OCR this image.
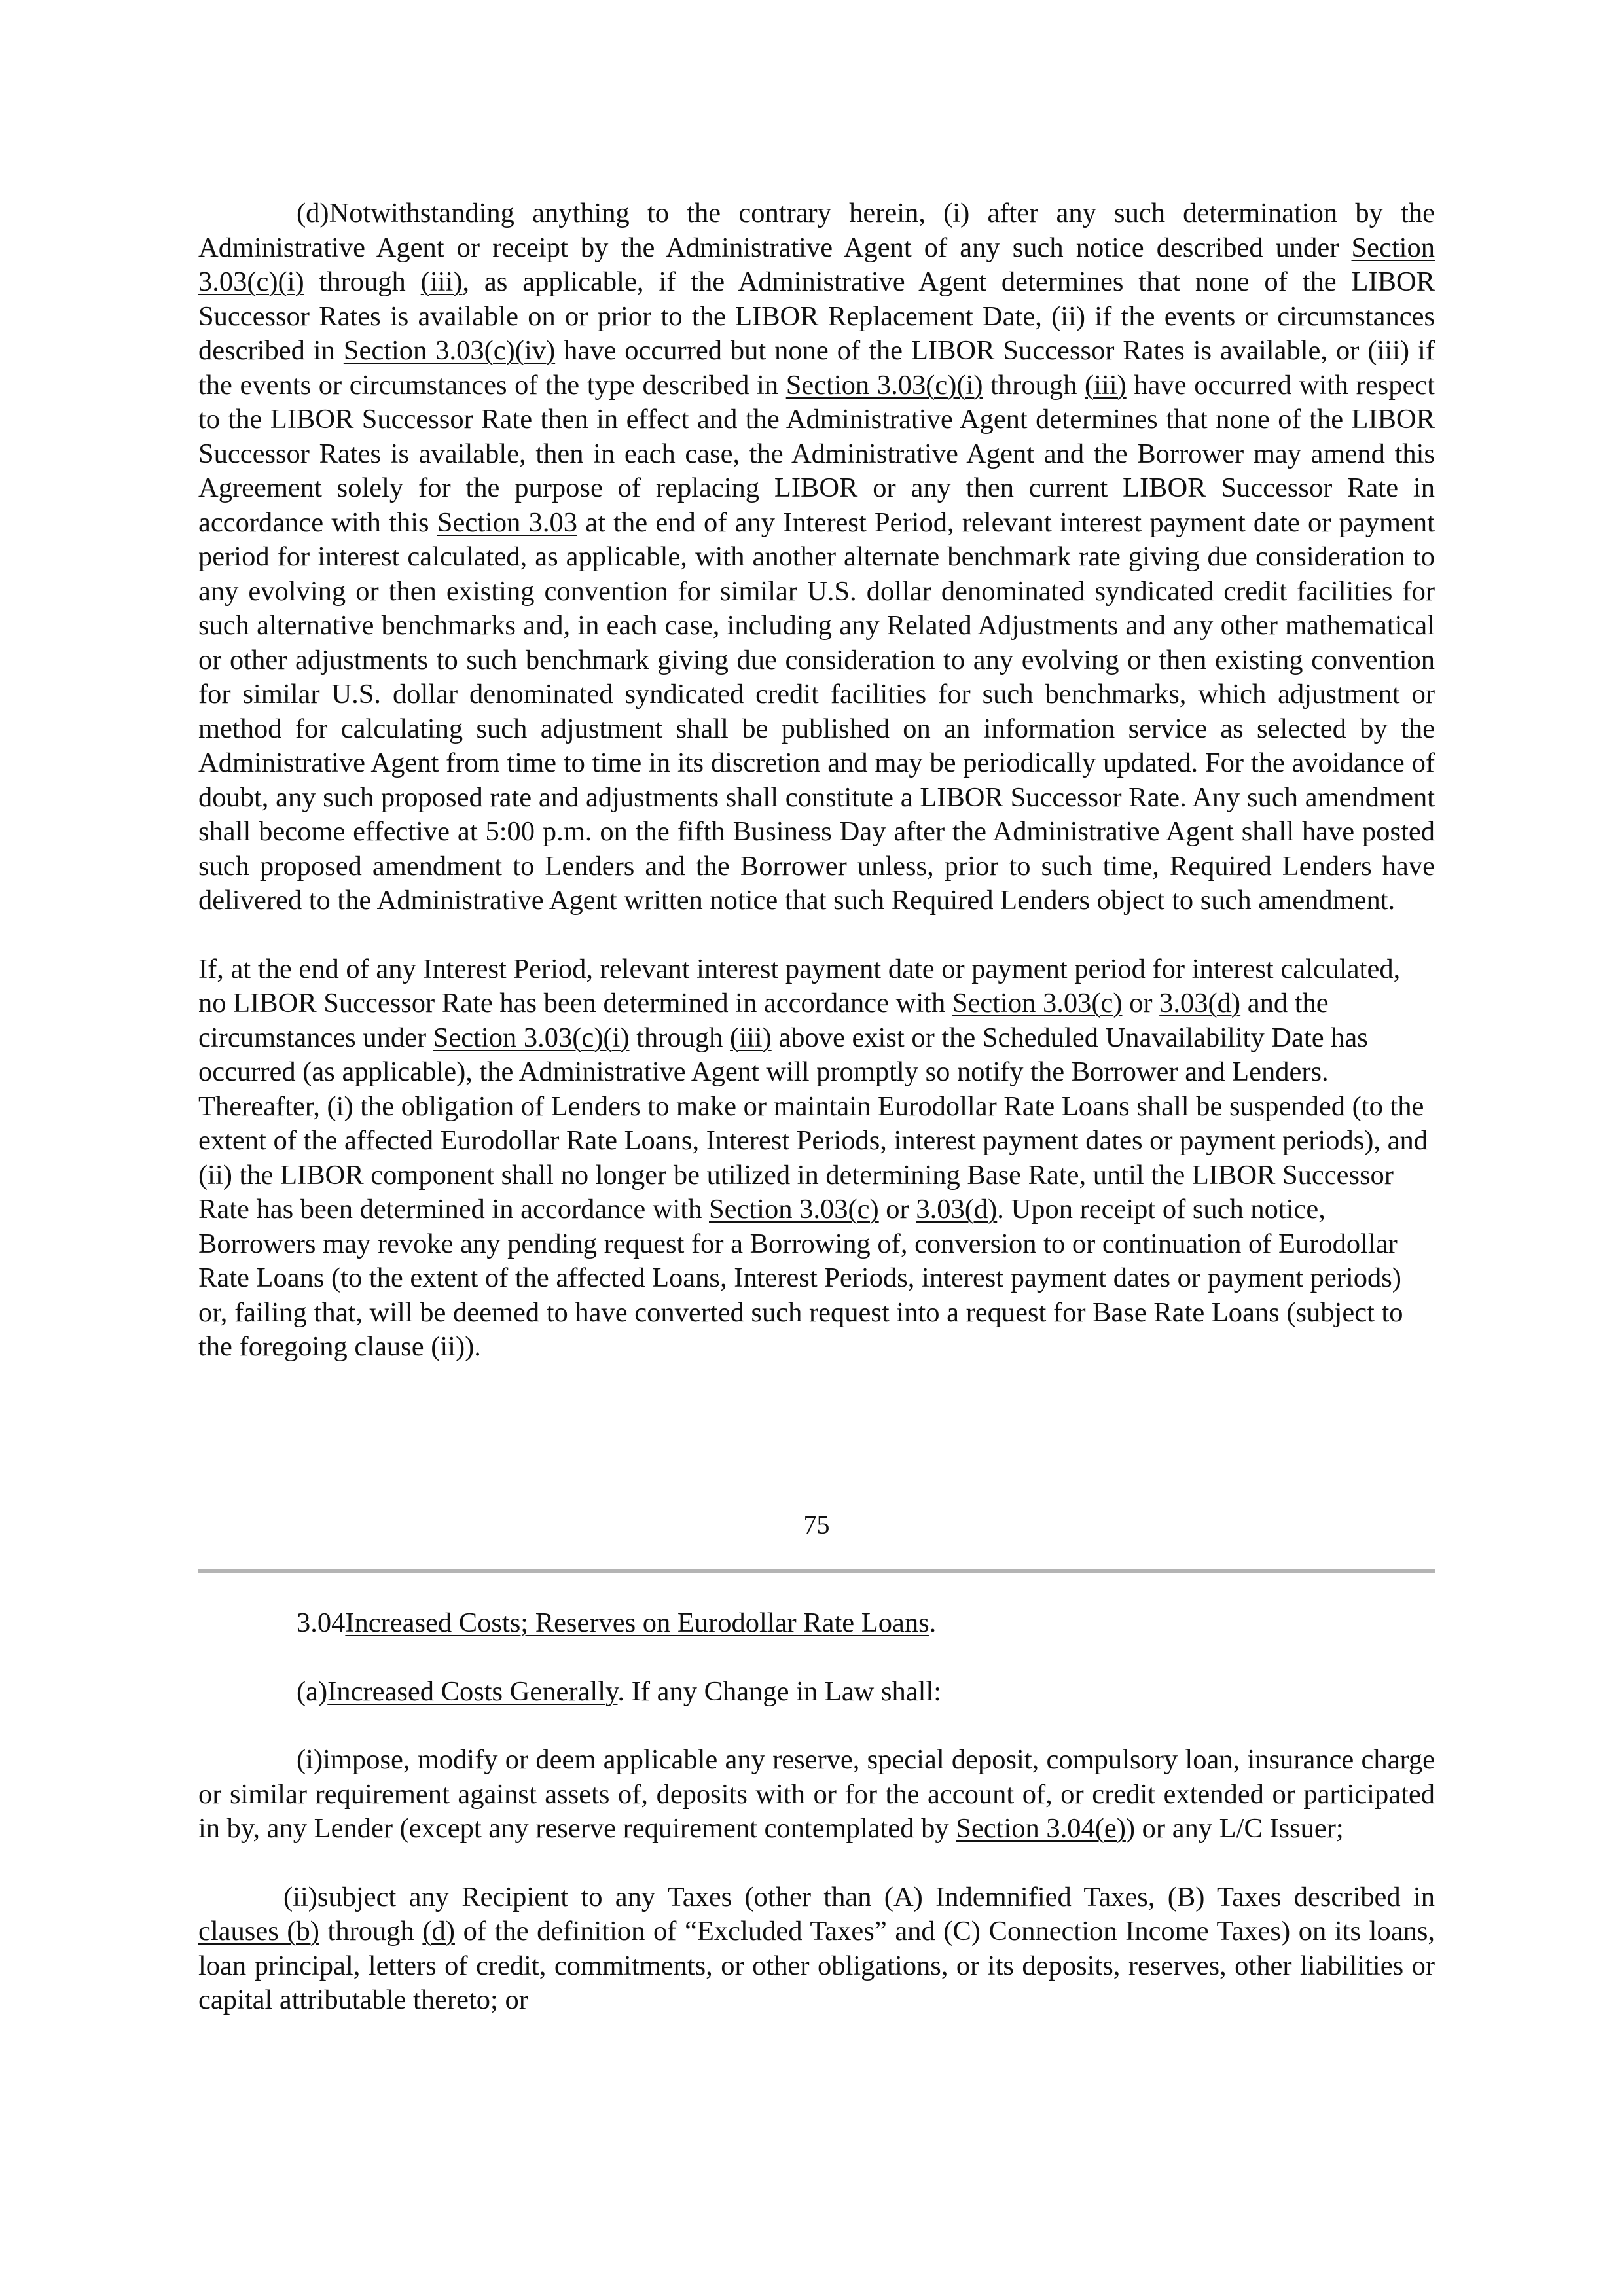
(d)Notwithstanding anything to the contrary herein, (i) after any such determination by the Administrative Agent or receipt by the Administrative Agent of any such notice described under Section 3.03(c)(i) through (iii), as applicable, if the Administrative Agent determines that none of the LIBOR Successor Rates is available on or prior to the LIBOR Replacement Date, (ii) if the events or circumstances described in Section 3.03(c)(iv) have occurred but none of the LIBOR Successor Rates is available, or (iii) if the events or circumstances of the type described in Section 3.03(c)(i) through (iii) have occurred with respect to the LIBOR Successor Rate then in effect and the Administrative Agent determines that none of the LIBOR Successor Rates is available, then in each case, the Administrative Agent and the Borrower may amend this Agreement solely for the purpose of replacing LIBOR or any then current LIBOR Successor Rate in accordance with this Section 3.03 at the end of any Interest Period, relevant interest payment date or payment period for interest calculated, as applicable, with another alternate benchmark rate giving due consideration to any evolving or then existing convention for similar U.S. dollar denominated syndicated credit facilities for such alternative benchmarks and, in each case, including any Related Adjustments and any other mathematical or other adjustments to such benchmark giving due consideration to any evolving or then existing convention for similar U.S. dollar denominated syndicated credit facilities for such benchmarks, which adjustment or method for calculating such adjustment shall be published on an information service as selected by the Administrative Agent from time to time in its discretion and may be periodically updated. For the avoidance of doubt, any such proposed rate and adjustments shall constitute a LIBOR Successor Rate. Any such amendment shall become effective at 5:00 p.m. on the fifth Business Day after the Administrative Agent shall have posted such proposed amendment to Lenders and the Borrower unless, prior to such time, Required Lenders have delivered to the Administrative Agent written notice that such Required Lenders object to such amendment.

If, at the end of any Interest Period, relevant interest payment date or payment period for interest calculated, no LIBOR Successor Rate has been determined in accordance with Section 3.03(c) or 3.03(d) and the circumstances under Section 3.03(c)(i) through (iii) above exist or the Scheduled Unavailability Date has occurred (as applicable), the Administrative Agent will promptly so notify the Borrower and Lenders. Thereafter, (i) the obligation of Lenders to make or maintain Eurodollar Rate Loans shall be suspended (to the extent of the affected Eurodollar Rate Loans, Interest Periods, interest payment dates or payment periods), and (ii) the LIBOR component shall no longer be utilized in determining Base Rate, until the LIBOR Successor Rate has been determined in accordance with Section 3.03(c) or 3.03(d). Upon receipt of such notice, Borrowers may revoke any pending request for a Borrowing of, conversion to or continuation of Eurodollar Rate Loans (to the extent of the affected Loans, Interest Periods, interest payment dates or payment periods) or, failing that, will be deemed to have converted such request into a request for Base Rate Loans (subject to the foregoing clause (ii)).

75

3.04Increased Costs; Reserves on Eurodollar Rate Loans.

(a)Increased Costs Generally. If any Change in Law shall:

(i)impose, modify or deem applicable any reserve, special deposit, compulsory loan, insurance charge or similar requirement against assets of, deposits with or for the account of, or credit extended or participated in by, any Lender (except any reserve requirement contemplated by Section 3.04(e)) or any L/C Issuer;

(ii)subject any Recipient to any Taxes (other than (A) Indemnified Taxes, (B) Taxes described in clauses (b) through (d) of the definition of “Excluded Taxes” and (C) Connection Income Taxes) on its loans, loan principal, letters of credit, commitments, or other obligations, or its deposits, reserves, other liabilities or capital attributable thereto; or
